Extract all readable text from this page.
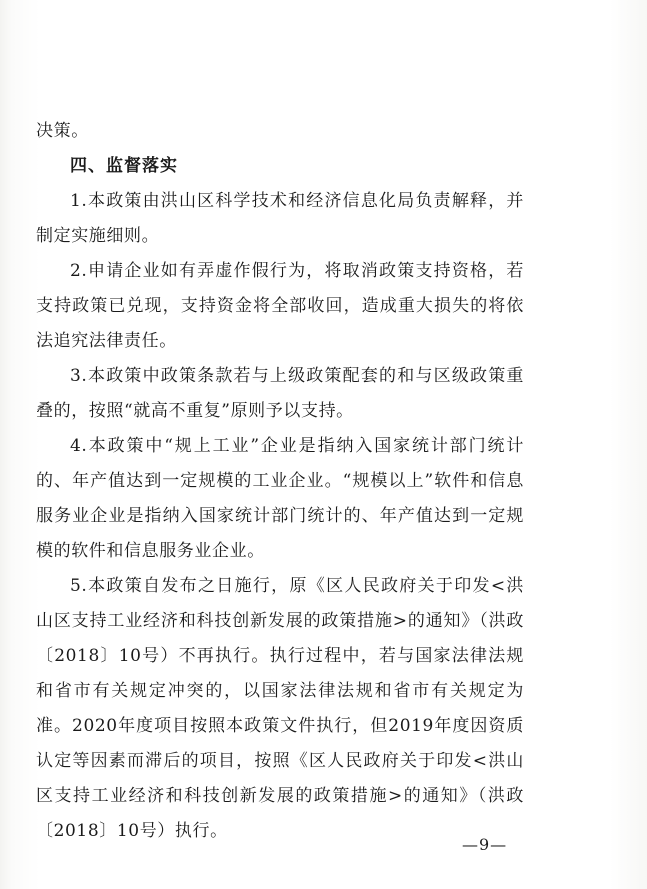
决策。

四、监督落实

1.本政策由洪山区科学技术和经济信息化局负责解释，并制定实施细则。

2.申请企业如有弄虚作假行为，将取消政策支持资格，若支持政策已兑现，支持资金将全部收回，造成重大损失的将依法追究法律责任。

3.本政策中政策条款若与上级政策配套的和与区级政策重叠的，按照“就高不重复”原则予以支持。

4.本政策中“规上工业”企业是指纳入国家统计部门统计的、年产值达到一定规模的工业企业。“规模以上”软件和信息服务业企业是指纳入国家统计部门统计的、年产值达到一定规模的软件和信息服务业企业。

5.本政策自发布之日施行，原《区人民政府关于印发<洪山区支持工业经济和科技创新发展的政策措施>的通知》（洪政〔2018〕10号）不再执行。执行过程中，若与国家法律法规和省市有关规定冲突的，以国家法律法规和省市有关规定为准。2020年度项目按照本政策文件执行，但2019年度因资质认定等因素而滞后的项目，按照《区人民政府关于印发<洪山区支持工业经济和科技创新发展的政策措施>的通知》（洪政〔2018〕10号）执行。

—9—
